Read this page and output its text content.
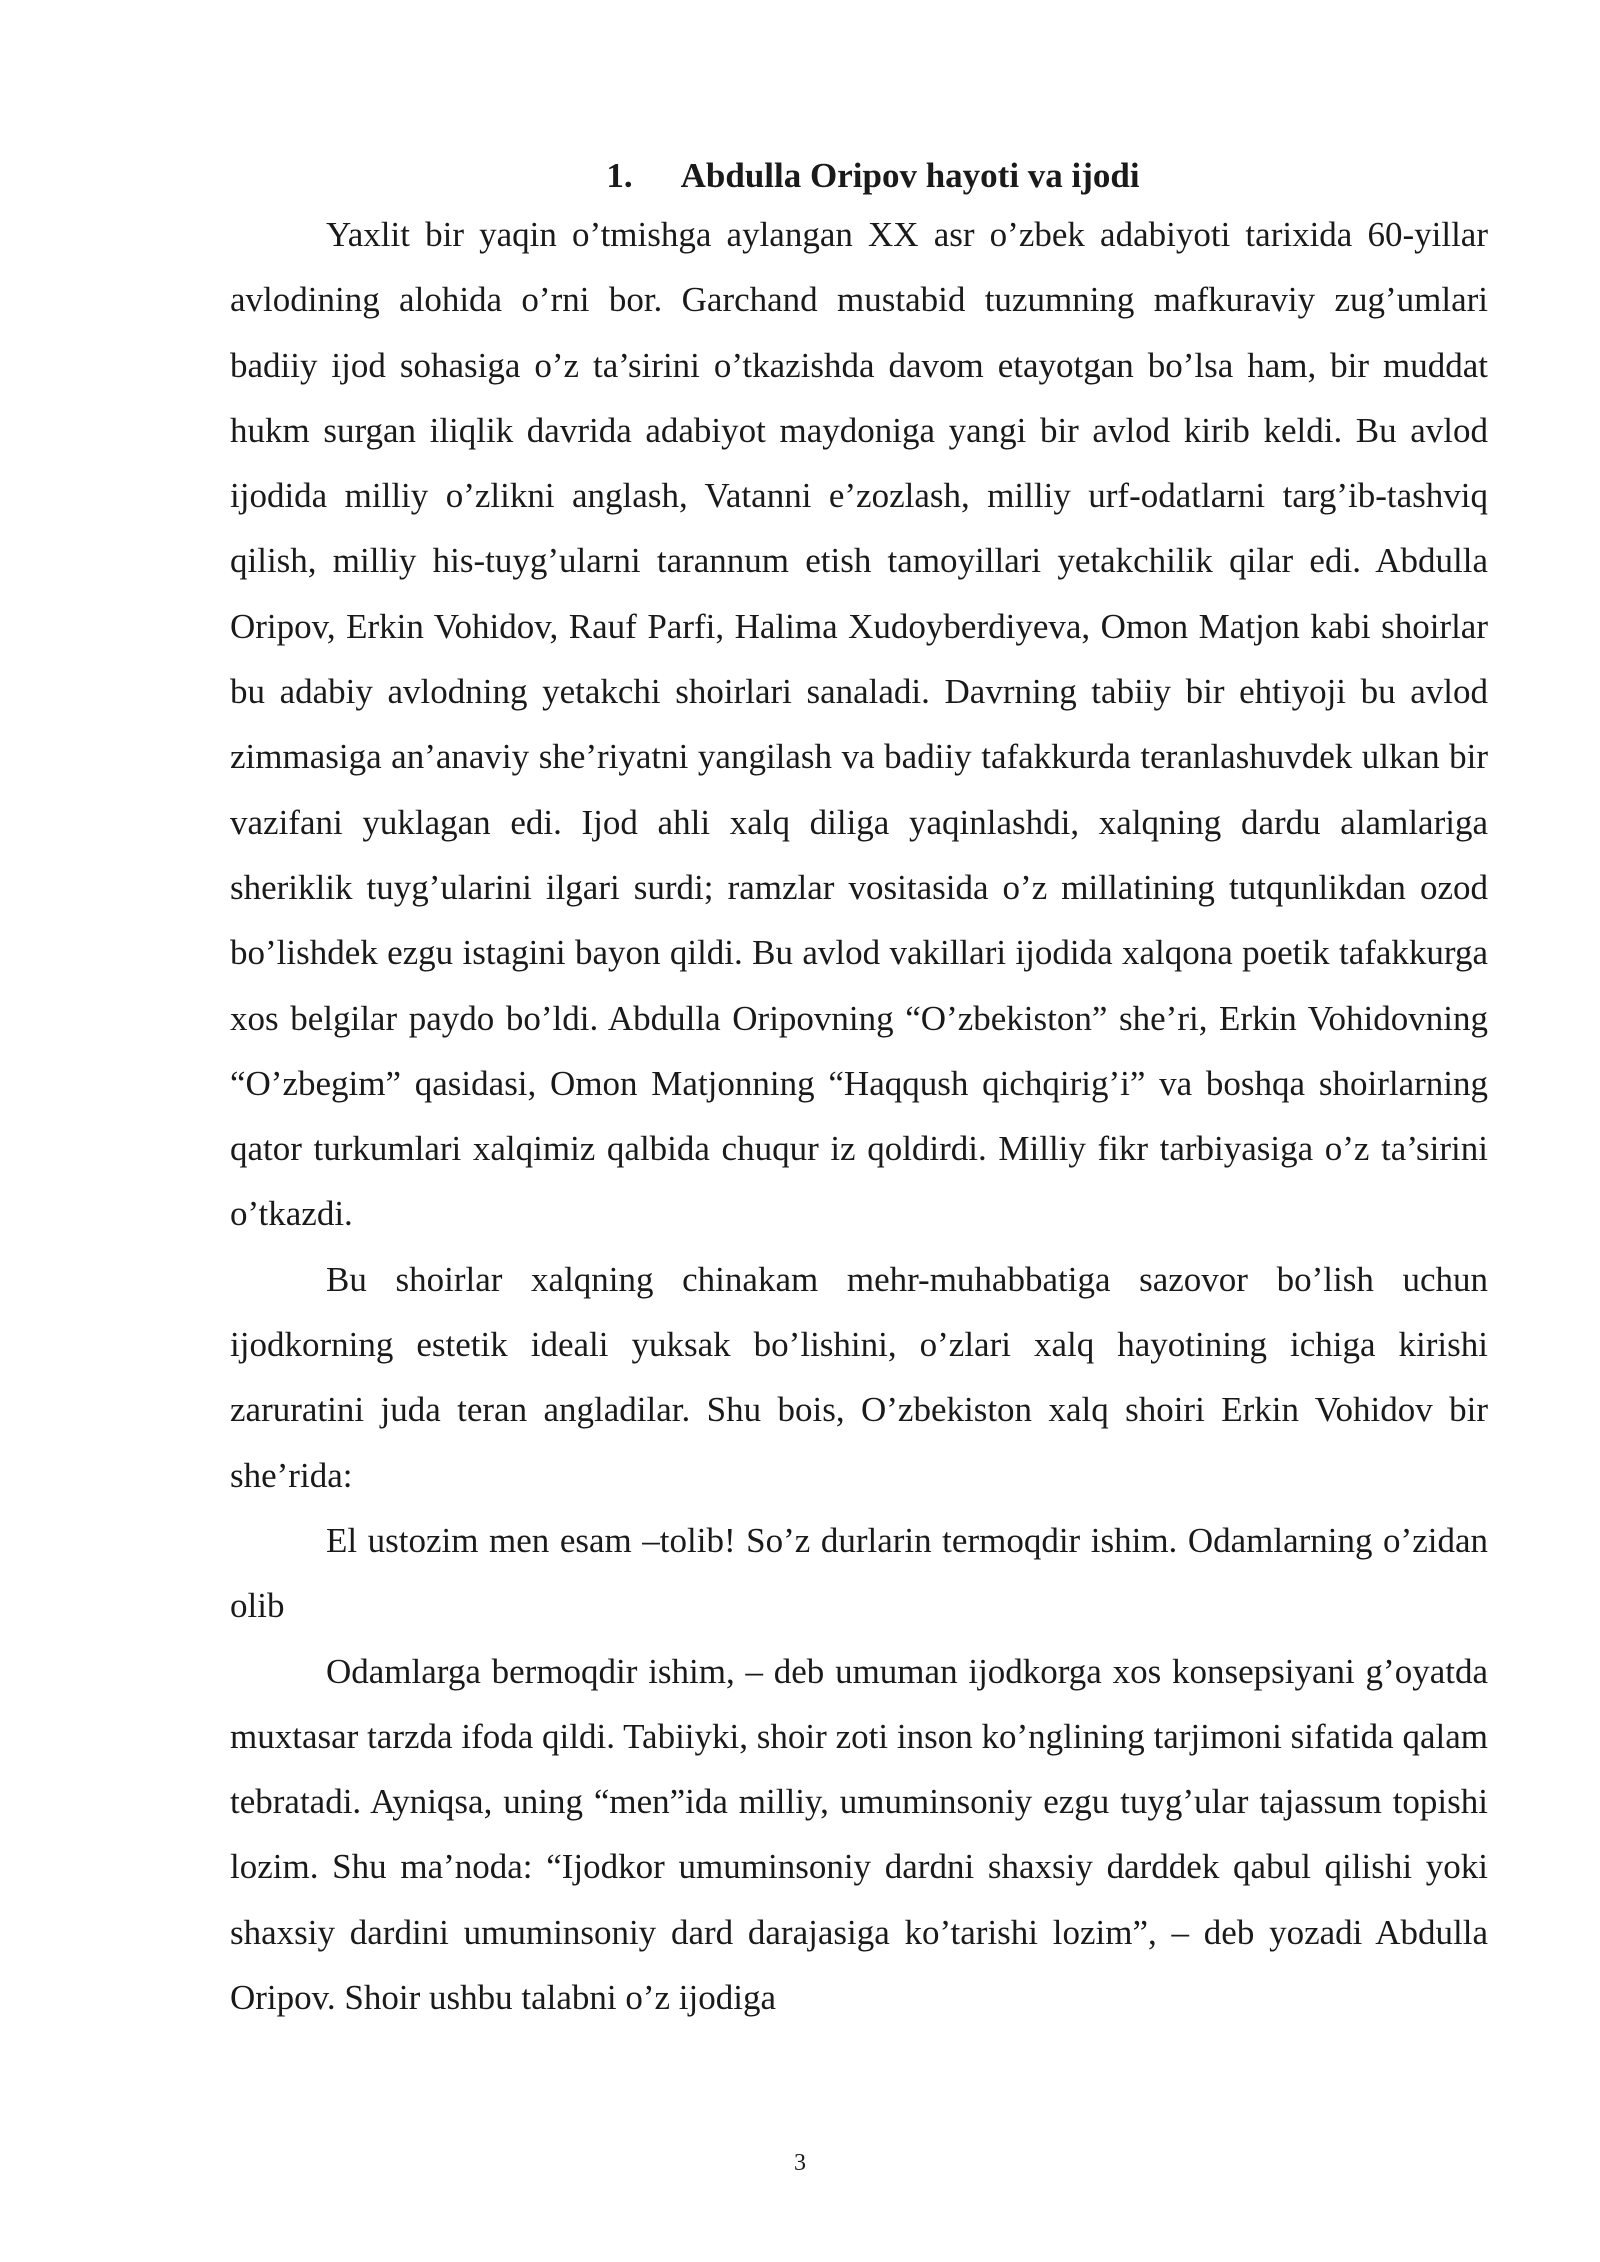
1. Abdulla Oripov hayoti va ijodi

Yaxlit bir yaqin o’tmishga aylangan XX asr o’zbek adabiyoti tarixida 60-yillar avlodining alohida o’rni bor. Garchand mustabid tuzumning mafkuraviy zug’umlari badiiy ijod sohasiga o’z ta’sirini o’tkazishda davom etayotgan bo’lsa ham, bir muddat hukm surgan iliqlik davrida adabiyot maydoniga yangi bir avlod kirib keldi. Bu avlod ijodida milliy o’zlikni anglash, Vatanni e’zozlash, milliy urf-odatlarni targ’ib-tashviq qilish, milliy his-tuyg’ularni tarannum etish tamoyillari yetakchilik qilar edi. Abdulla Oripov, Erkin Vohidov, Rauf Parfi, Halima Xudoyberdiyeva, Omon Matjon kabi shoirlar bu adabiy avlodning yetakchi shoirlari sanaladi. Davrning tabiiy bir ehtiyoji bu avlod zimmasiga an’anaviy she’riyatni yangilash va badiiy tafakkurda teranlashuvdek ulkan bir vazifani yuklagan edi. Ijod ahli xalq diliga yaqinlashdi, xalqning dardu alamlariga sheriklik tuyg’ularini ilgari surdi; ramzlar vositasida o’z millatining tutqunlikdan ozod bo’lishdek ezgu istagini bayon qildi. Bu avlod vakillari ijodida xalqona poetik tafakkurga xos belgilar paydo bo’ldi. Abdulla Oripovning “O’zbekiston” she’ri, Erkin Vohidovning “O’zbegim” qasidasi, Omon Matjonning “Haqqush qichqirig’i” va boshqa shoirlarning qator turkumlari xalqimiz qalbida chuqur iz qoldirdi. Milliy fikr tarbiyasiga o’z ta’sirini o’tkazdi.

Bu shoirlar xalqning chinakam mehr-muhabbatiga sazovor bo’lish uchun ijodkorning estetik ideali yuksak bo’lishini, o’zlari xalq hayotining ichiga kirishi zaruratini juda teran angladilar. Shu bois, O’zbekiston xalq shoiri Erkin Vohidov bir she’rida:

El ustozim men esam –tolib! So’z durlarin termoqdir ishim. Odamlarning o’zidan olib

Odamlarga bermoqdir ishim, – deb umuman ijodkorga xos konsepsiyani g’oyatda muxtasar tarzda ifoda qildi. Tabiiyki, shoir zoti inson ko’nglining tarjimoni sifatida qalam tebratadi. Ayniqsa, uning “men”ida milliy, umuminsoniy ezgu tuyg’ular tajassum topishi lozim. Shu ma’noda: “Ijodkor umuminsoniy dardni shaxsiy darddek qabul qilishi yoki shaxsiy dardini umuminsoniy dard darajasiga ko’tarishi lozim”, – deb yozadi Abdulla Oripov. Shoir ushbu talabni o’z ijodiga

3
